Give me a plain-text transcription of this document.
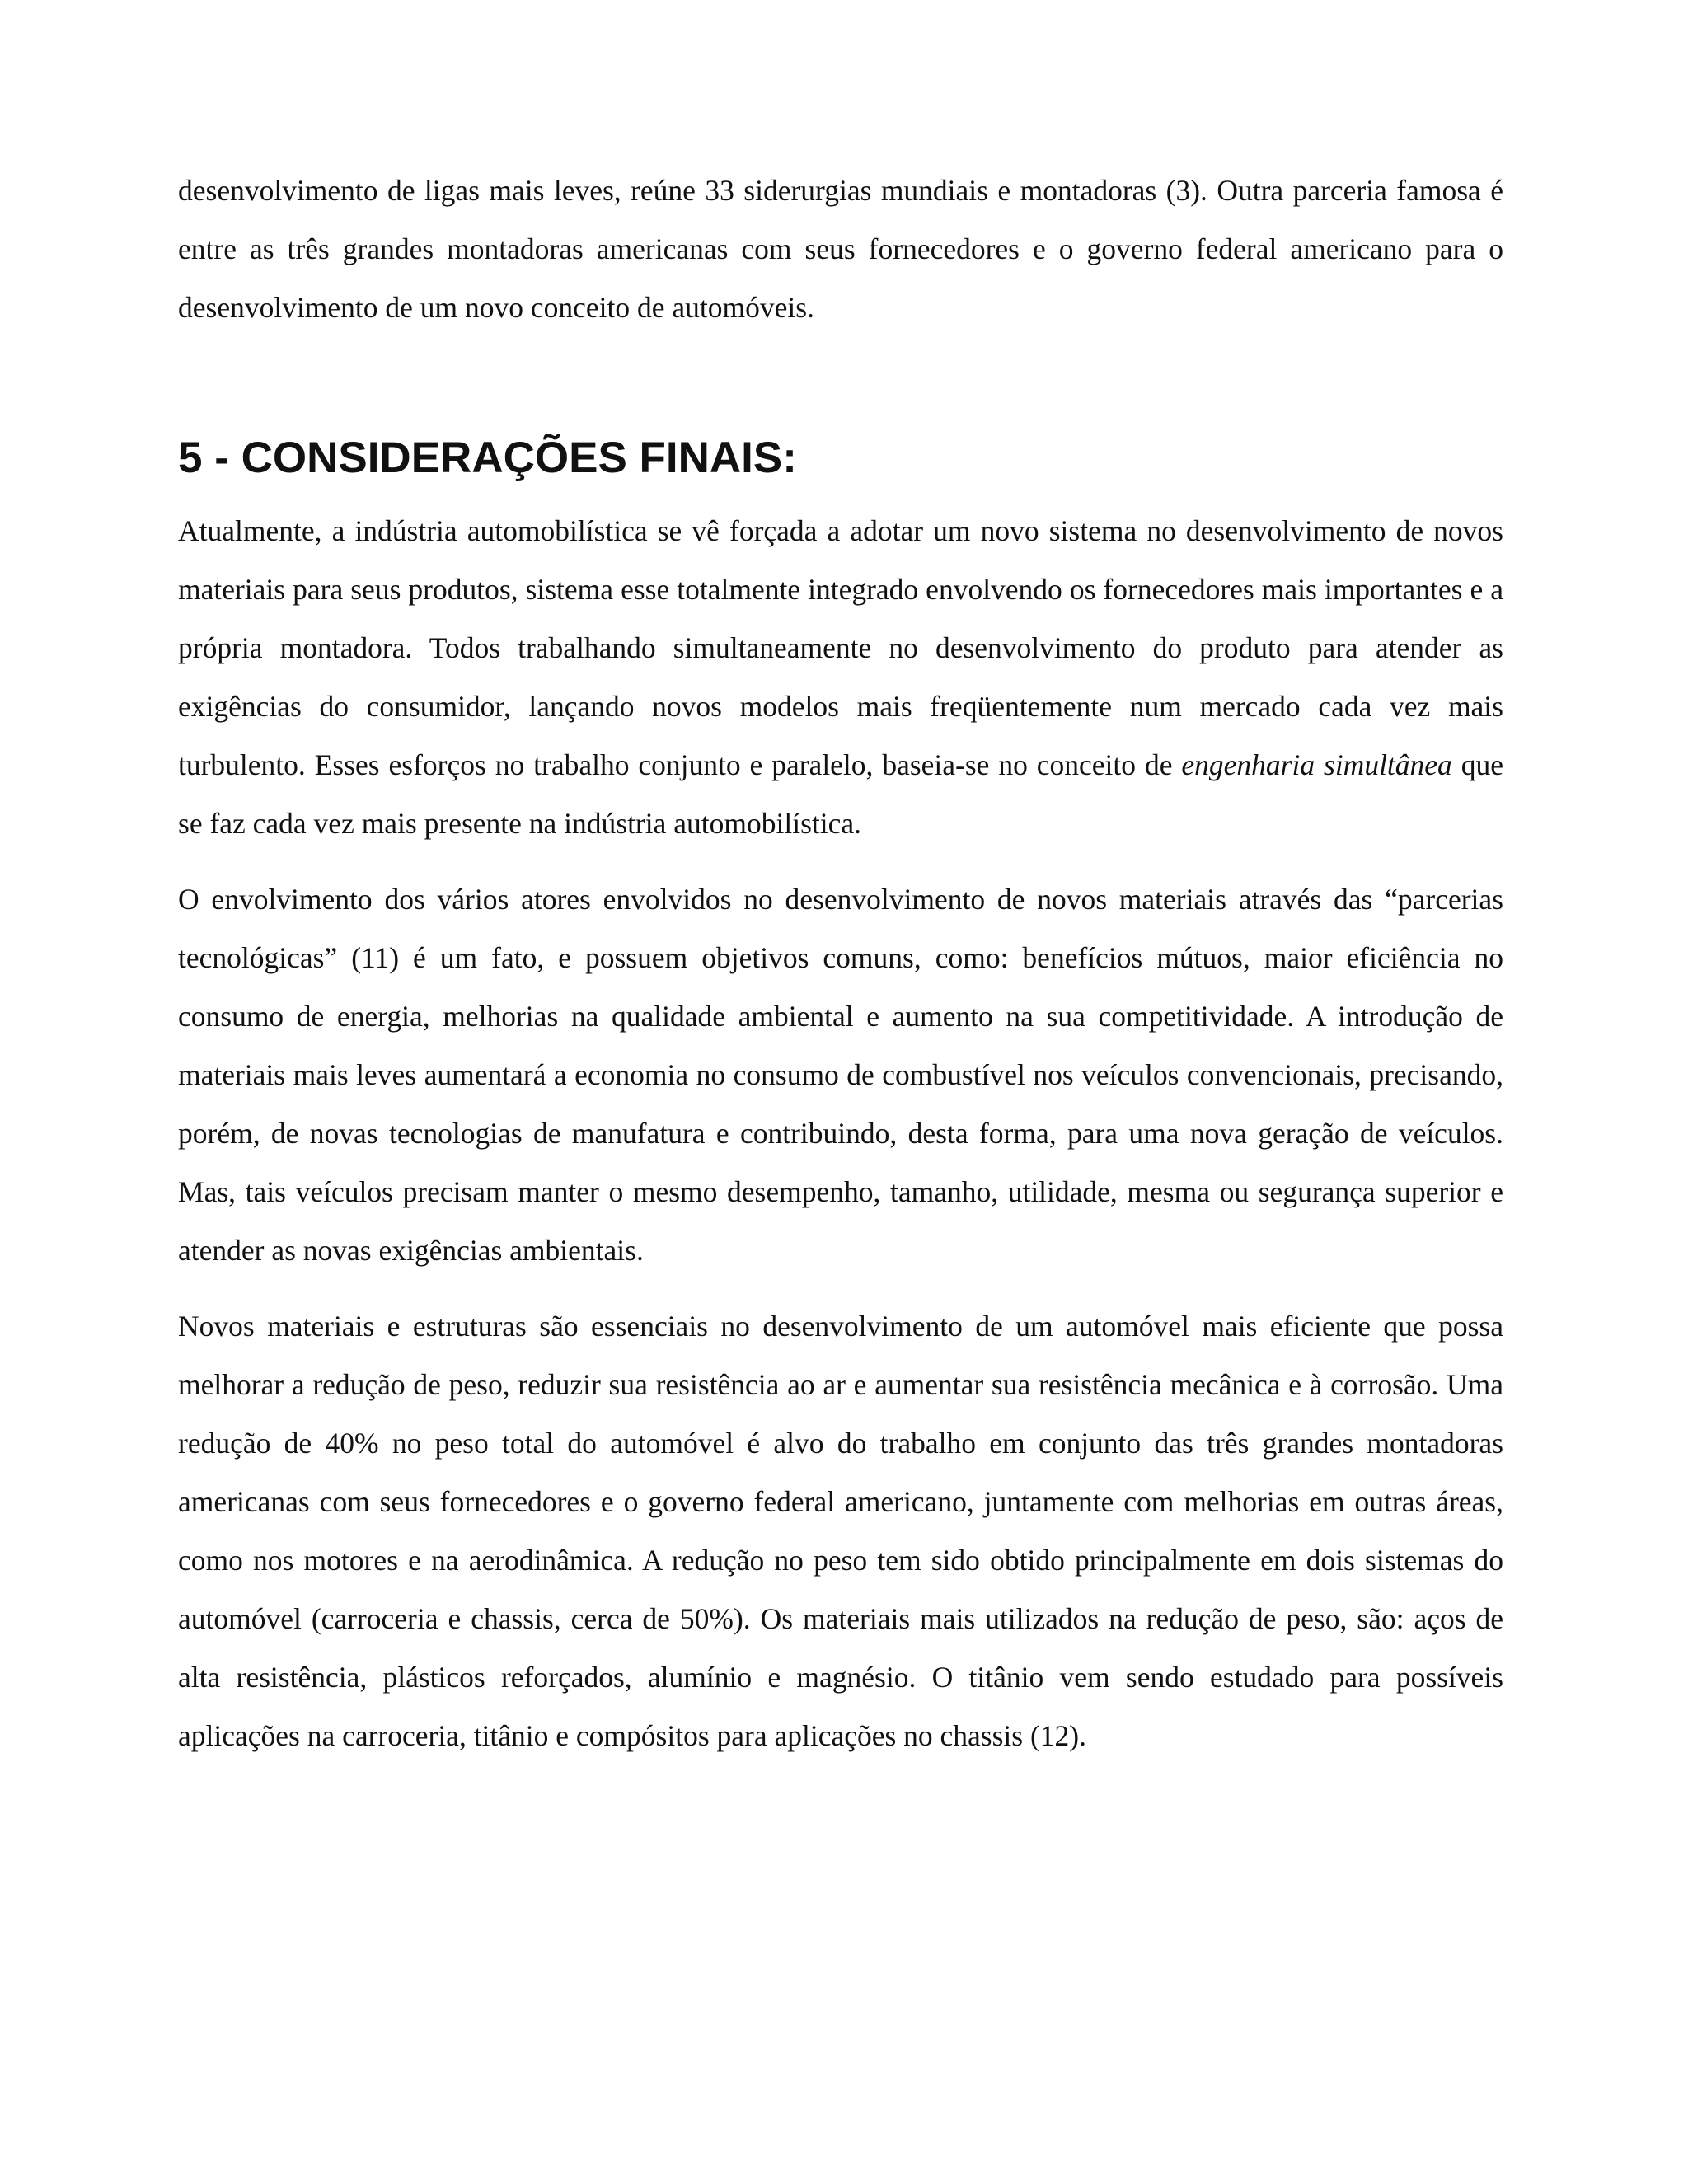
desenvolvimento de ligas mais leves, reúne 33 siderurgias mundiais e montadoras (3). Outra parceria famosa é entre as três grandes montadoras americanas com seus fornecedores e o governo federal americano para o desenvolvimento de um novo conceito de automóveis.

5 - CONSIDERAÇÕES FINAIS:

Atualmente, a indústria automobilística se vê forçada a adotar um novo sistema no desenvolvimento de novos materiais para seus produtos, sistema esse totalmente integrado envolvendo os fornecedores mais importantes e a própria montadora. Todos trabalhando simultaneamente no desenvolvimento do produto para atender as exigências do consumidor, lançando novos modelos mais freqüentemente num mercado cada vez mais turbulento. Esses esforços no trabalho conjunto e paralelo, baseia-se no conceito de engenharia simultânea que se faz cada vez mais presente na indústria automobilística.

O envolvimento dos vários atores envolvidos no desenvolvimento de novos materiais através das “parcerias tecnológicas” (11) é um fato, e possuem objetivos comuns, como: benefícios mútuos, maior eficiência no consumo de energia, melhorias na qualidade ambiental e aumento na sua competitividade. A introdução de materiais mais leves aumentará a economia no consumo de combustível nos veículos convencionais, precisando, porém, de novas tecnologias de manufatura e contribuindo, desta forma, para uma nova geração de veículos. Mas, tais veículos precisam manter o mesmo desempenho, tamanho, utilidade, mesma ou segurança superior e atender as novas exigências ambientais.

Novos materiais e estruturas são essenciais no desenvolvimento de um automóvel mais eficiente que possa melhorar a redução de peso, reduzir sua resistência ao ar e aumentar sua resistência mecânica e à corrosão. Uma redução de 40% no peso total do automóvel é alvo do trabalho em conjunto das três grandes montadoras americanas com seus fornecedores e o governo federal americano, juntamente com melhorias em outras áreas, como nos motores e na aerodinâmica. A redução no peso tem sido obtido principalmente em dois sistemas do automóvel (carroceria e chassis, cerca de 50%). Os materiais mais utilizados na redução de peso, são: aços de alta resistência, plásticos reforçados, alumínio e magnésio. O titânio vem sendo estudado para possíveis aplicações na carroceria, titânio e compósitos para aplicações no chassis (12).
